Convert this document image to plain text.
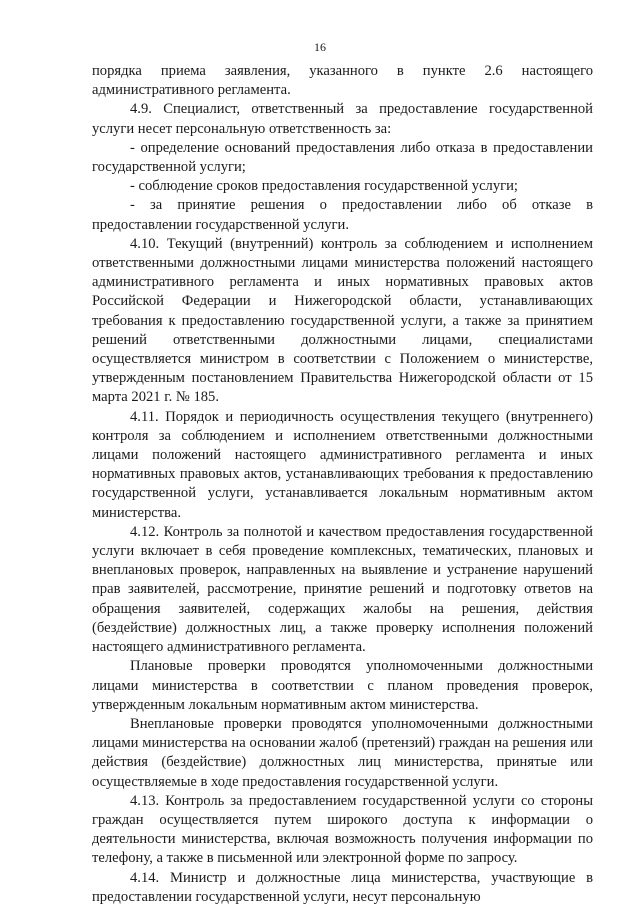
16

порядка приема заявления, указанного в пункте 2.6 настоящего административного регламента.

4.9. Специалист, ответственный за предоставление государственной услуги несет персональную ответственность за:

- определение оснований предоставления либо отказа в предоставлении государственной услуги;

- соблюдение сроков предоставления государственной услуги;

- за принятие решения о предоставлении либо об отказе в предоставлении государственной услуги.

4.10. Текущий (внутренний) контроль за соблюдением и исполнением ответственными должностными лицами министерства положений настоящего административного регламента и иных нормативных правовых актов Российской Федерации и Нижегородской области, устанавливающих требования к предоставлению государственной услуги, а также за принятием решений ответственными должностными лицами, специалистами осуществляется министром в соответствии с Положением о министерстве, утвержденным постановлением Правительства Нижегородской области от 15 марта 2021 г. № 185.

4.11. Порядок и периодичность осуществления текущего (внутреннего) контроля за соблюдением и исполнением ответственными должностными лицами положений настоящего административного регламента и иных нормативных правовых актов, устанавливающих требования к предоставлению государственной услуги, устанавливается локальным нормативным актом министерства.

4.12. Контроль за полнотой и качеством предоставления государственной услуги включает в себя проведение комплексных, тематических, плановых и внеплановых проверок, направленных на выявление и устранение нарушений прав заявителей, рассмотрение, принятие решений и подготовку ответов на обращения заявителей, содержащих жалобы на решения, действия (бездействие) должностных лиц, а также проверку исполнения положений настоящего административного регламента.

Плановые проверки проводятся уполномоченными должностными лицами министерства в соответствии с планом проведения проверок, утвержденным локальным нормативным актом министерства.

Внеплановые проверки проводятся уполномоченными должностными лицами министерства на основании жалоб (претензий) граждан на решения или действия (бездействие) должностных лиц министерства, принятые или осуществляемые в ходе предоставления государственной услуги.

4.13. Контроль за предоставлением государственной услуги со стороны граждан осуществляется путем широкого доступа к информации о деятельности министерства, включая возможность получения информации по телефону, а также в письменной или электронной форме по запросу.

4.14. Министр и должностные лица министерства, участвующие в предоставлении государственной услуги, несут персональную
